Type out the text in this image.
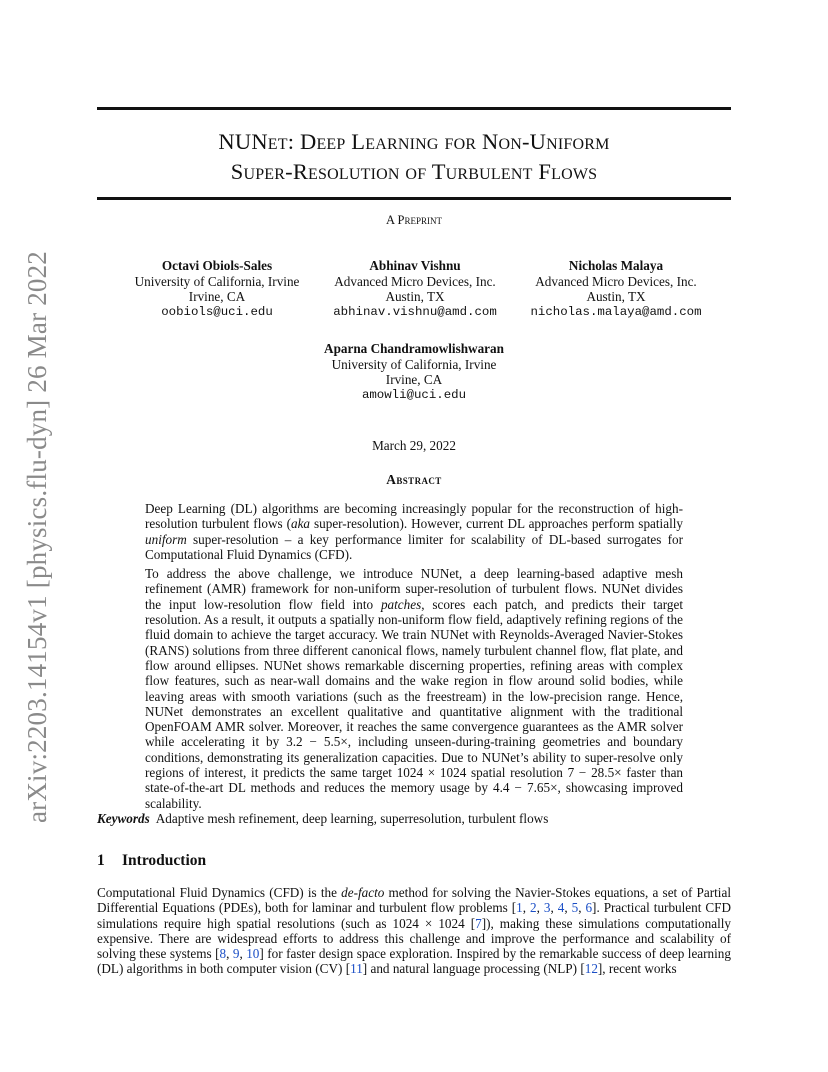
arXiv:2203.14154v1 [physics.flu-dyn] 26 Mar 2022
NUNet: Deep Learning for Non-Uniform
Super-Resolution of Turbulent Flows
A Preprint
Octavi Obiols-Sales
University of California, Irvine
Irvine, CA
oobiols@uci.edu
Abhinav Vishnu
Advanced Micro Devices, Inc.
Austin, TX
abhinav.vishnu@amd.com
Nicholas Malaya
Advanced Micro Devices, Inc.
Austin, TX
nicholas.malaya@amd.com
Aparna Chandramowlishwaran
University of California, Irvine
Irvine, CA
amowli@uci.edu
March 29, 2022
Abstract

Deep Learning (DL) algorithms are becoming increasingly popular for the reconstruction of high-resolution turbulent flows (aka super-resolution). However, current DL approaches perform spatially uniform super-resolution – a key performance limiter for scalability of DL-based surrogates for Computational Fluid Dynamics (CFD).

To address the above challenge, we introduce NUNet, a deep learning-based adaptive mesh refinement (AMR) framework for non-uniform super-resolution of turbulent flows. NUNet divides the input low-resolution flow field into patches, scores each patch, and predicts their target resolution. As a result, it outputs a spatially non-uniform flow field, adaptively refining regions of the fluid domain to achieve the target accuracy. We train NUNet with Reynolds-Averaged Navier-Stokes (RANS) solutions from three different canonical flows, namely turbulent channel flow, flat plate, and flow around ellipses. NUNet shows remarkable discerning properties, refining areas with complex flow features, such as near-wall domains and the wake region in flow around solid bodies, while leaving areas with smooth variations (such as the freestream) in the low-precision range. Hence, NUNet demonstrates an excellent qualitative and quantitative alignment with the traditional OpenFOAM AMR solver. Moreover, it reaches the same convergence guarantees as the AMR solver while accelerating it by 3.2 − 5.5×, including unseen-during-training geometries and boundary conditions, demonstrating its generalization capacities. Due to NUNet’s ability to super-resolve only regions of interest, it predicts the same target 1024 × 1024 spatial resolution 7 − 28.5× faster than state-of-the-art DL methods and reduces the memory usage by 4.4 − 7.65×, showcasing improved scalability.

Keywords Adaptive mesh refinement, deep learning, superresolution, turbulent flows
1 Introduction

Computational Fluid Dynamics (CFD) is the de-facto method for solving the Navier-Stokes equations, a set of Partial Differential Equations (PDEs), both for laminar and turbulent flow problems [1, 2, 3, 4, 5, 6]. Practical turbulent CFD simulations require high spatial resolutions (such as 1024 × 1024 [7]), making these simulations computationally expensive. There are widespread efforts to address this challenge and improve the performance and scalability of solving these systems [8, 9, 10] for faster design space exploration. Inspired by the remarkable success of deep learning (DL) algorithms in both computer vision (CV) [11] and natural language processing (NLP) [12], recent works
